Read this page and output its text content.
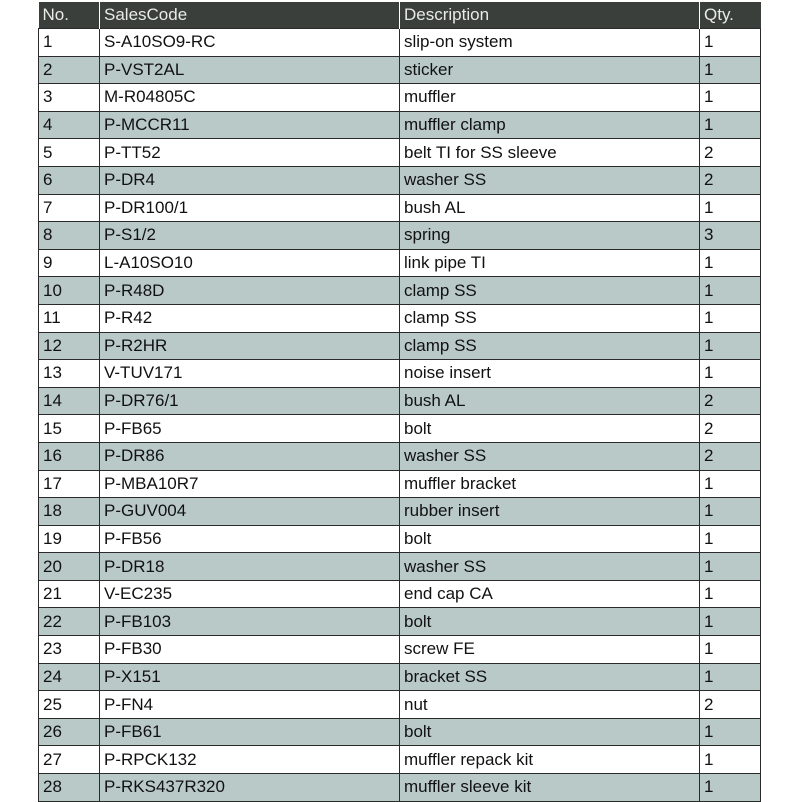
No.	SalesCode	Description	Qty.
1	S-A10SO9-RC	slip-on system	1
2	P-VST2AL	sticker	1
3	M-R04805C	muffler	1
4	P-MCCR11	muffler clamp	1
5	P-TT52	belt TI for SS sleeve	2
6	P-DR4	washer SS	2
7	P-DR100/1	bush AL	1
8	P-S1/2	spring	3
9	L-A10SO10	link pipe TI	1
10	P-R48D	clamp SS	1
11	P-R42	clamp SS	1
12	P-R2HR	clamp SS	1
13	V-TUV171	noise insert	1
14	P-DR76/1	bush AL	2
15	P-FB65	bolt	2
16	P-DR86	washer SS	2
17	P-MBA10R7	muffler bracket	1
18	P-GUV004	rubber insert	1
19	P-FB56	bolt	1
20	P-DR18	washer SS	1
21	V-EC235	end cap CA	1
22	P-FB103	bolt	1
23	P-FB30	screw FE	1
24	P-X151	bracket SS	1
25	P-FN4	nut	2
26	P-FB61	bolt	1
27	P-RPCK132	muffler repack kit	1
28	P-RKS437R320	muffler sleeve kit	1
